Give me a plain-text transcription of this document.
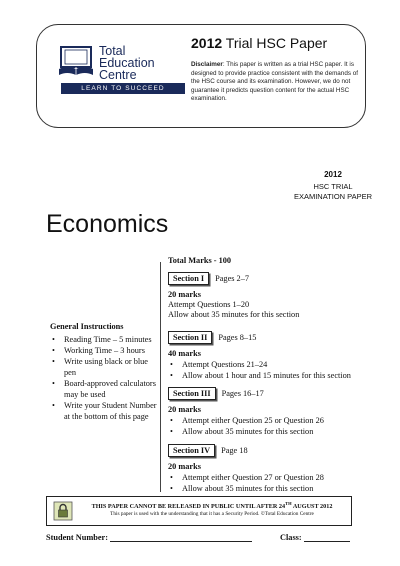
Total
Education
Centre
LEARN TO SUCCEED
2012 Trial HSC Paper
Disclaimer: This paper is written as a trial HSC paper. It is designed to provide practice consistent with the demands of the HSC course and its examination. However, we do not guarantee it predicts question content for the actual HSC examination.
2012
HSC TRIAL
EXAMINATION PAPER
Economics
General Instructions
• Reading Time – 5 minutes
• Working Time – 3 hours
• Write using black or blue pen
• Board-approved calculators may be used
• Write your Student Number at the bottom of this page
Total Marks - 100
Section I Pages 2–7
20 marks
Attempt Questions 1–20
Allow about 35 minutes for this section
Section II Pages 8–15
40 marks
• Attempt Questions 21–24
• Allow about 1 hour and 15 minutes for this section
Section III Pages 16–17
20 marks
• Attempt either Question 25 or Question 26
• Allow about 35 minutes for this section
Section IV Page 18
20 marks
• Attempt either Question 27 or Question 28
• Allow about 35 minutes for this section
THIS PAPER CANNOT BE RELEASED IN PUBLIC UNTIL AFTER 24TH AUGUST 2012
This paper is used with the understanding that it has a Security Period. ©Total Education Centre
Student Number:	Class:
